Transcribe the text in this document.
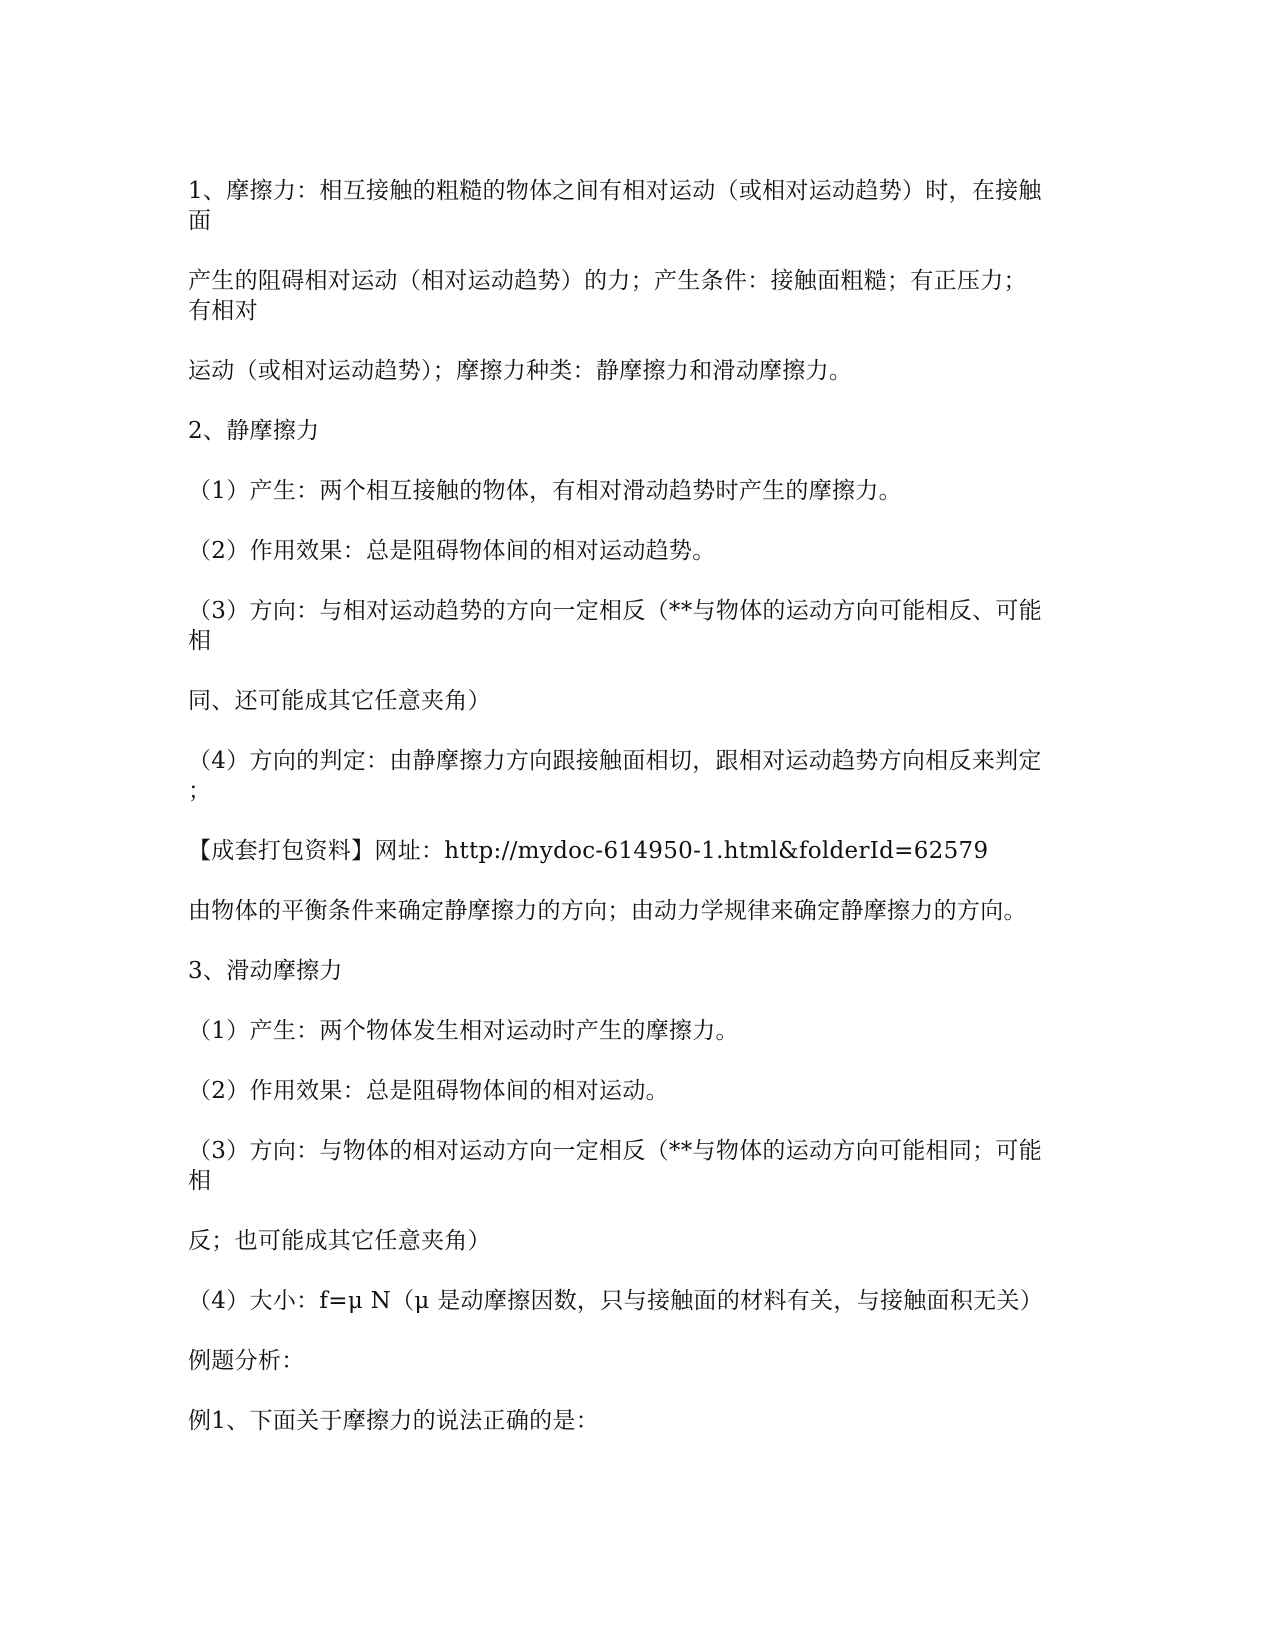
1、摩擦力：相互接触的粗糙的物体之间有相对运动（或相对运动趋势）时，在接触
面

产生的阻碍相对运动（相对运动趋势）的力；产生条件：接触面粗糙；有正压力；
有相对

运动（或相对运动趋势）；摩擦力种类：静摩擦力和滑动摩擦力。

2、静摩擦力

（1）产生：两个相互接触的物体，有相对滑动趋势时产生的摩擦力。

（2）作用效果：总是阻碍物体间的相对运动趋势。

（3）方向：与相对运动趋势的方向一定相反（**与物体的运动方向可能相反、可能
相

同、还可能成其它任意夹角）

（4）方向的判定：由静摩擦力方向跟接触面相切，跟相对运动趋势方向相反来判定
；

【成套打包资料】网址：http://mydoc-614950-1.html&folderId=62579

由物体的平衡条件来确定静摩擦力的方向；由动力学规律来确定静摩擦力的方向。

3、滑动摩擦力

（1）产生：两个物体发生相对运动时产生的摩擦力。

（2）作用效果：总是阻碍物体间的相对运动。

（3）方向：与物体的相对运动方向一定相反（**与物体的运动方向可能相同；可能
相

反；也可能成其它任意夹角）

（4）大小：f=μ N（μ 是动摩擦因数，只与接触面的材料有关，与接触面积无关）

例题分析：

例1、下面关于摩擦力的说法正确的是：
